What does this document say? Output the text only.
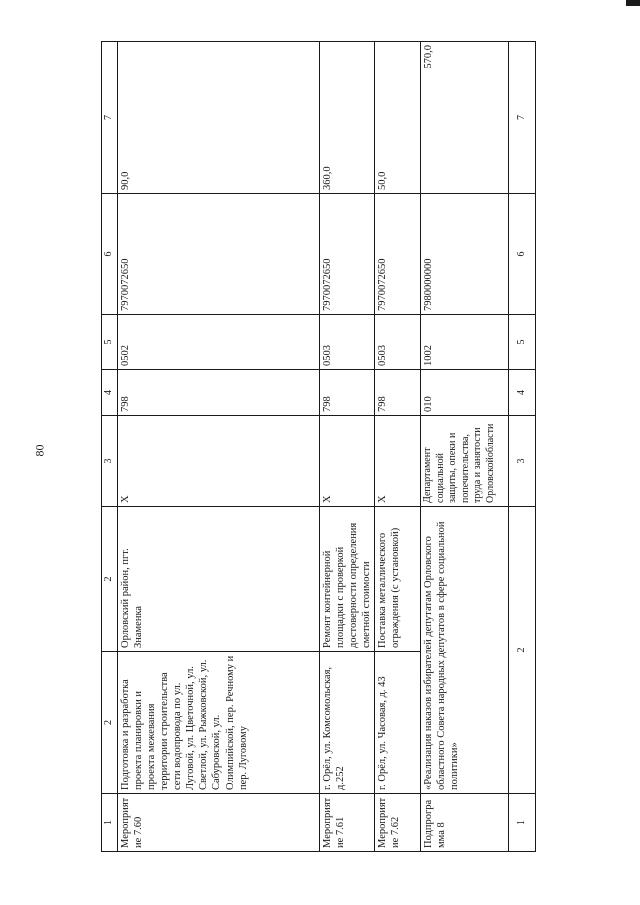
80
1	2	2	3	4	5	6	7
Мероприятие 7.60	Подготовка и разработка проекта планировки и проекта межевания территории строительства сети водопровода по ул. Луговой, ул. Цветочной, ул. Светлой, ул. Рыжковской, ул. Сабуровской, ул. Олимпийской, пер. Речному и пер. Луговому	Орловский район, пгт. Знаменка	X	798	0502	7970072650	90,0
Мероприятие 7.61	г. Орёл, ул. Комсомольская, д.252	Ремонт контейнерной площадки с проверкой достоверности определения сметной стоимости	X	798	0503	7970072650	360,0
Мероприятие 7.62	г. Орёл, ул. Часовая, д. 43	Поставка металлического ограждения (с установкой)	X	798	0503	7970072650	50,0
Подпрограмма 8	«Реализация наказов избирателей депутатам Орловского областного Совета народных депутатов в сфере социальной политики»		Департамент социальной защиты, опеки и попечительства, труда и занятости Орловскойобласти	010	1002	7980000000	570,0
1	2		3	4	5	6	7
